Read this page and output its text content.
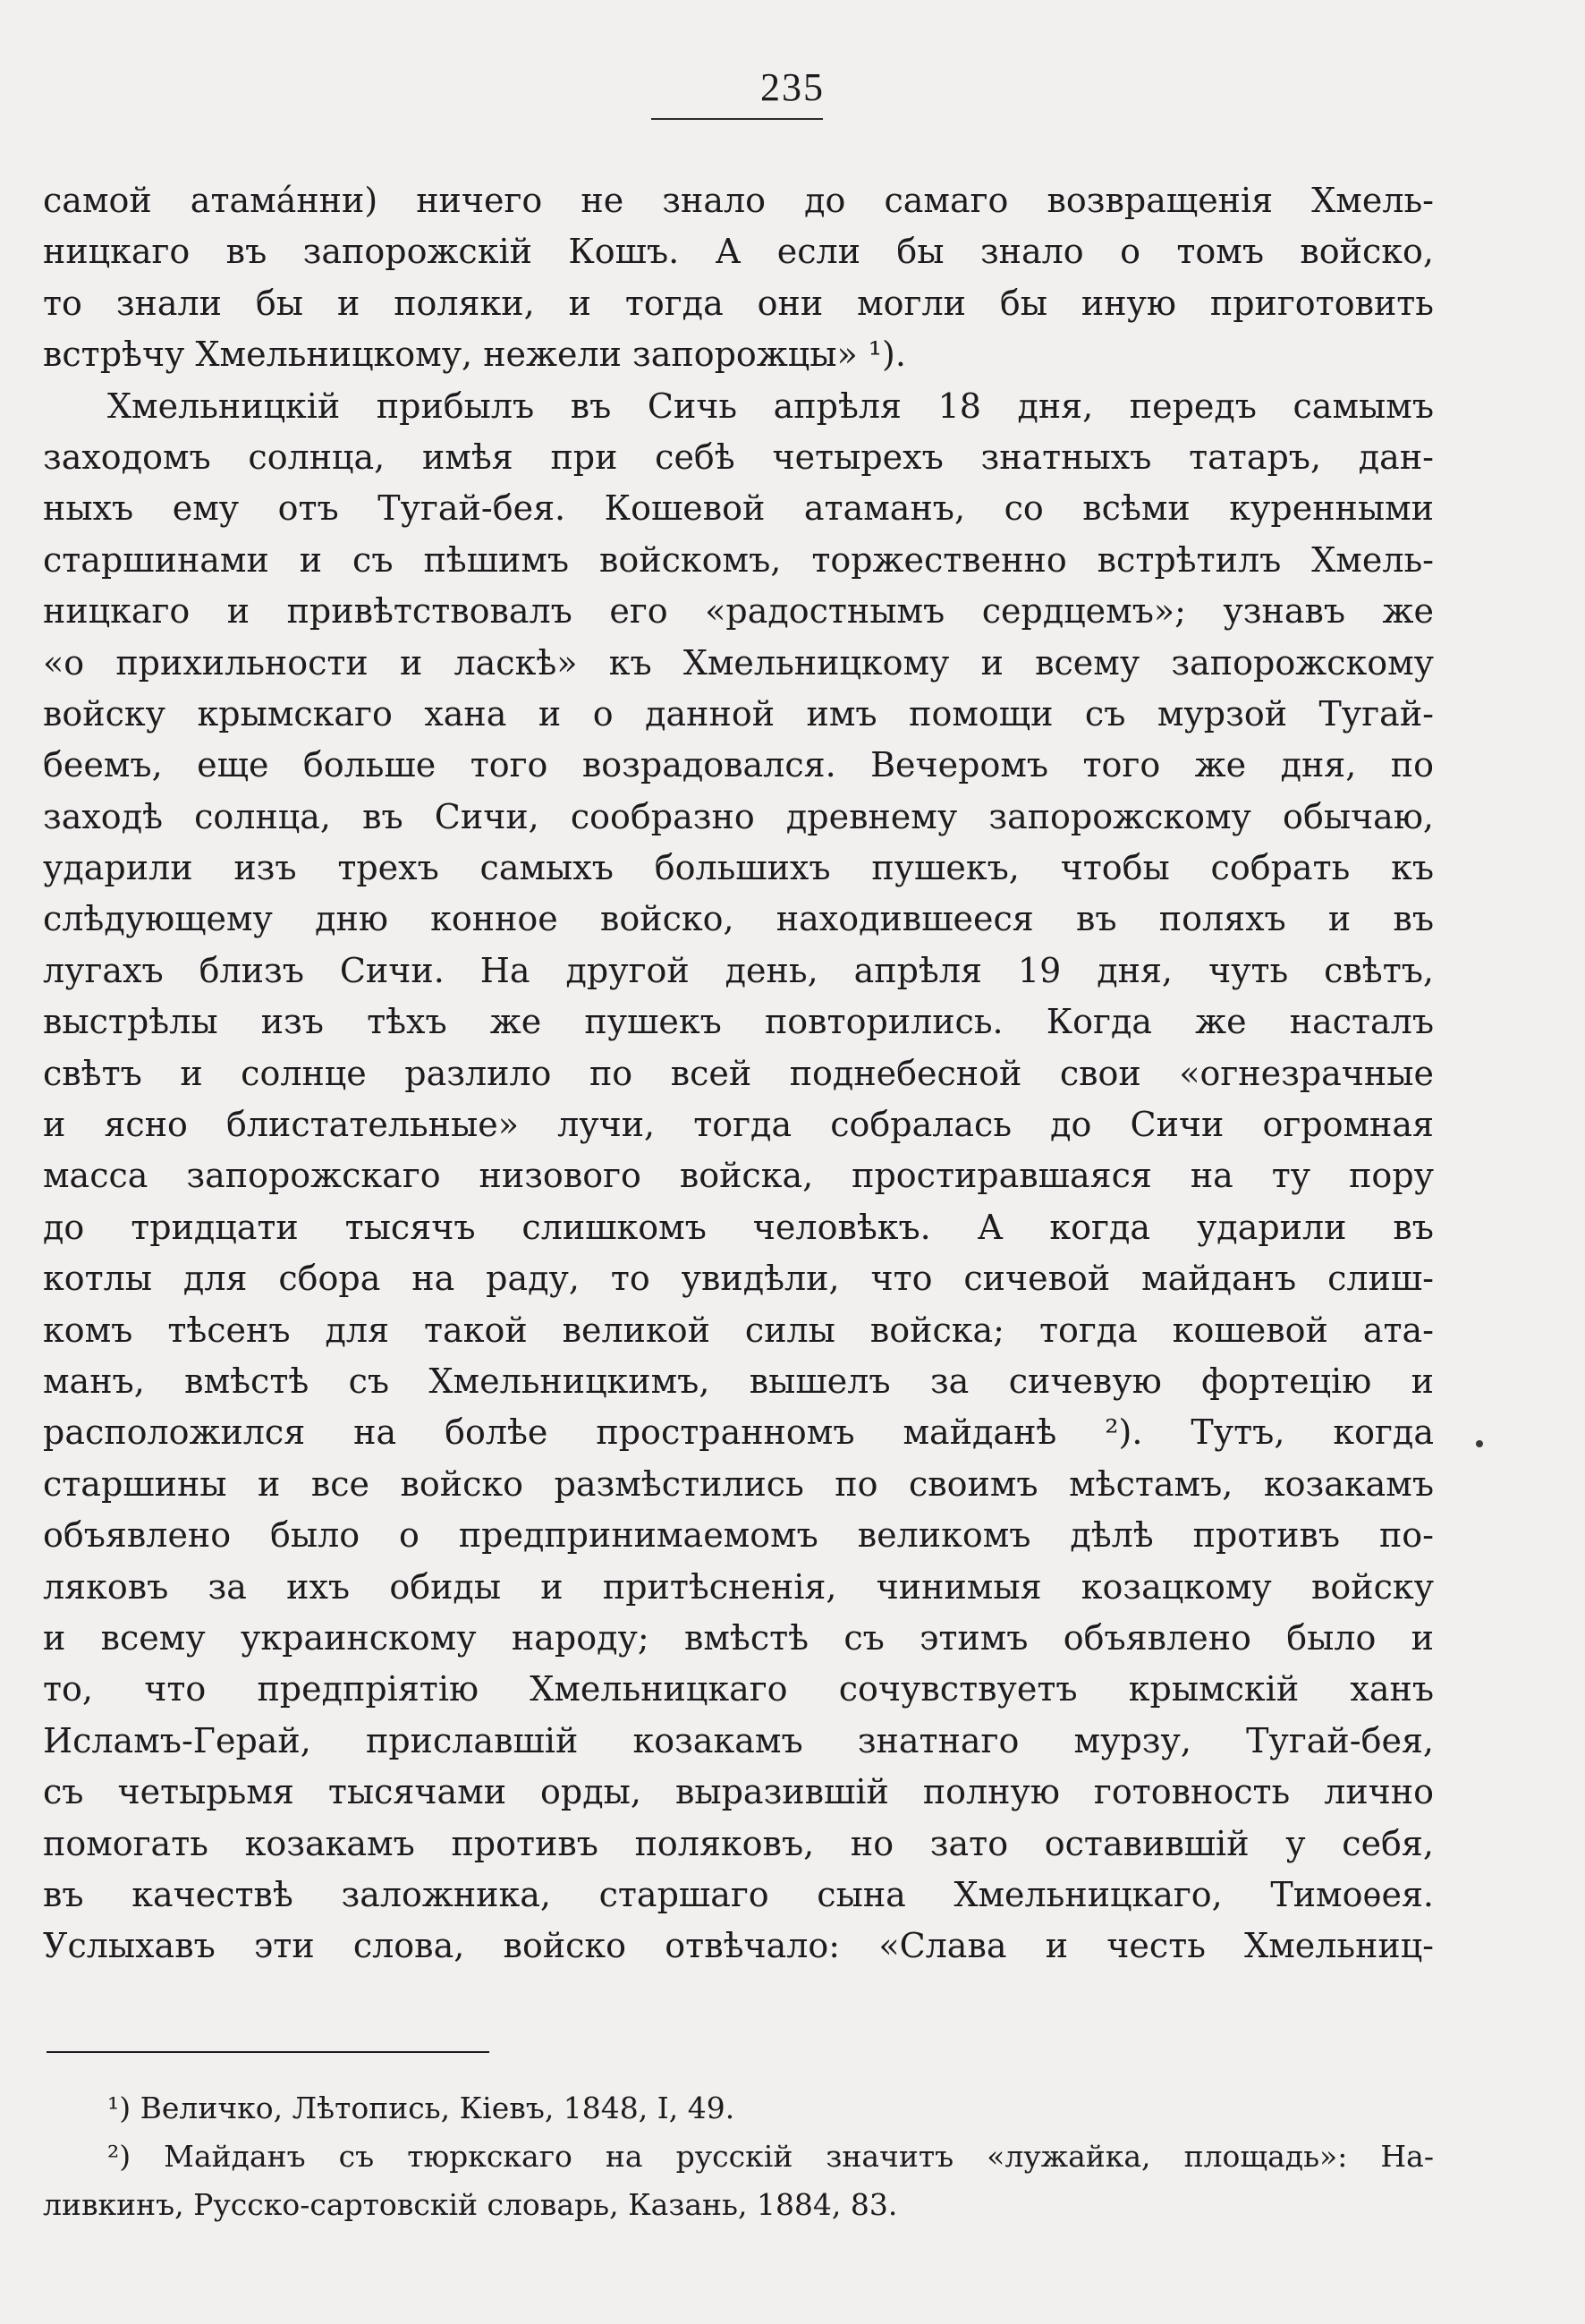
235
самой атама́нни) ничего не знало до самаго возвращенія Хмель-
ницкаго въ запорожскій Кошъ. А если бы знало о томъ войско,
то знали бы и поляки, и тогда они могли бы иную приготовить
встрѣчу Хмельницкому, нежели запорожцы» ¹).
Хмельницкій прибылъ въ Сичь апрѣля 18 дня, передъ самымъ
заходомъ солнца, имѣя при себѣ четырехъ знатныхъ татаръ, дан-
ныхъ ему отъ Тугай-бея. Кошевой атаманъ, со всѣми куренными
старшинами и съ пѣшимъ войскомъ, торжественно встрѣтилъ Хмель-
ницкаго и привѣтствовалъ его «радостнымъ сердцемъ»; узнавъ же
«о прихильности и ласкѣ» къ Хмельницкому и всему запорожскому
войску крымскаго хана и о данной имъ помощи съ мурзой Тугай-
беемъ, еще больше того возрадовался. Вечеромъ того же дня, по
заходѣ солнца, въ Сичи, сообразно древнему запорожскому обычаю,
ударили изъ трехъ самыхъ большихъ пушекъ, чтобы собрать къ
слѣдующему дню конное войско, находившееся въ поляхъ и въ
лугахъ близъ Сичи. На другой день, апрѣля 19 дня, чуть свѣтъ,
выстрѣлы изъ тѣхъ же пушекъ повторились. Когда же насталъ
свѣтъ и солнце разлило по всей поднебесной свои «огнезрачные
и ясно блистательные» лучи, тогда собралась до Сичи огромная
масса запорожскаго низового войска, простиравшаяся на ту пору
до тридцати тысячъ слишкомъ человѣкъ. А когда ударили въ
котлы для сбора на раду, то увидѣли, что сичевой майданъ слиш-
комъ тѣсенъ для такой великой силы войска; тогда кошевой ата-
манъ, вмѣстѣ съ Хмельницкимъ, вышелъ за сичевую фортецію и
расположился на болѣе пространномъ майданѣ ²). Тутъ, когда
старшины и все войско размѣстились по своимъ мѣстамъ, козакамъ
объявлено было о предпринимаемомъ великомъ дѣлѣ противъ по-
ляковъ за ихъ обиды и притѣсненія, чинимыя козацкому войску
и всему украинскому народу; вмѣстѣ съ этимъ объявлено было и
то, что предпріятію Хмельницкаго сочувствуетъ крымскій ханъ
Исламъ-Герай, приславшій козакамъ знатнаго мурзу, Тугай-бея,
съ четырьмя тысячами орды, выразившій полную готовность лично
помогать козакамъ противъ поляковъ, но зато оставившій у себя,
въ качествѣ заложника, старшаго сына Хмельницкаго, Тимоѳея.
Услыхавъ эти слова, войско отвѣчало: «Слава и честь Хмельниц-
¹) Величко, Лѣтопись, Кіевъ, 1848, I, 49.
²) Майданъ съ тюркскаго на русскій значитъ «лужайка, площадь»: На-
ливкинъ, Русско-сартовскій словарь, Казань, 1884, 83.
